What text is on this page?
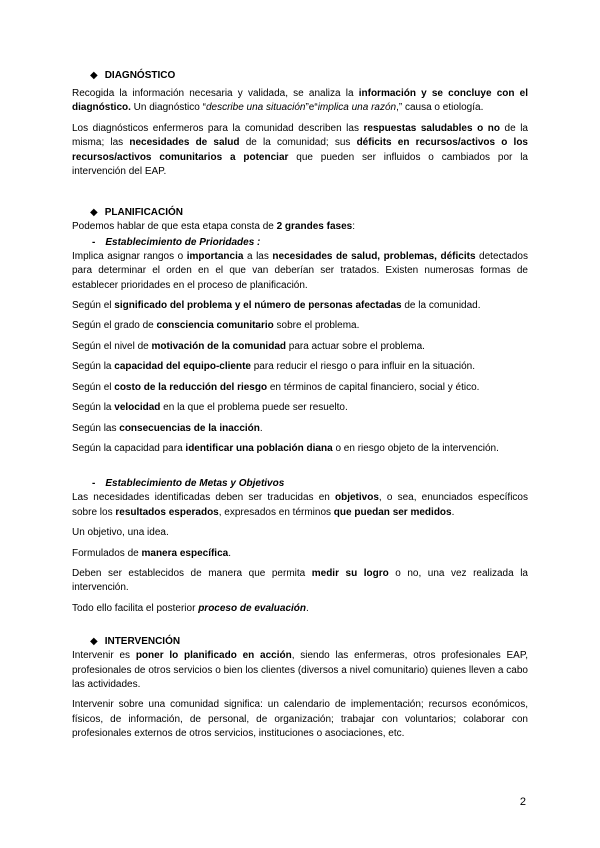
◆ DIAGNÓSTICO

Recogida la información necesaria y validada, se analiza la información y se concluye con el diagnóstico. Un diagnóstico “describe una situación”e“implica una razón,” causa o etiología.

Los diagnósticos enfermeros para la comunidad describen las respuestas saludables o no de la misma; las necesidades de salud de la comunidad; sus déficits en recursos/activos o los recursos/activos comunitarios a potenciar que pueden ser influidos o cambiados por la intervención del EAP.

◆ PLANIFICACIÓN

Podemos hablar de que esta etapa consta de 2 grandes fases:

- Establecimiento de Prioridades :

Implica asignar rangos o importancia a las necesidades de salud, problemas, déficits detectados para determinar el orden en el que van deberían ser tratados. Existen numerosas formas de establecer prioridades en el proceso de planificación.

Según el significado del problema y el número de personas afectadas de la comunidad.

Según el grado de consciencia comunitario sobre el problema.

Según el nivel de motivación de la comunidad para actuar sobre el problema.

Según la capacidad del equipo-cliente para reducir el riesgo o para influir en la situación.

Según el costo de la reducción del riesgo en términos de capital financiero, social y ético.

Según la velocidad en la que el problema puede ser resuelto.

Según las consecuencias de la inacción.

Según la capacidad para identificar una población diana o en riesgo objeto de la intervención.

- Establecimiento de Metas y Objetivos

Las necesidades identificadas deben ser traducidas en objetivos, o sea, enunciados específicos sobre los resultados esperados, expresados en términos que puedan ser medidos.

Un objetivo, una idea.

Formulados de manera específica.

Deben ser establecidos de manera que permita medir su logro o no, una vez realizada la intervención.

Todo ello facilita el posterior proceso de evaluación.

◆ INTERVENCIÓN

Intervenir es poner lo planificado en acción, siendo las enfermeras, otros profesionales EAP, profesionales de otros servicios o bien los clientes (diversos a nivel comunitario) quienes lleven a cabo las actividades.

Intervenir sobre una comunidad significa: un calendario de implementación; recursos económicos, físicos, de información, de personal, de organización; trabajar con voluntarios; colaborar con profesionales externos de otros servicios, instituciones o asociaciones, etc.

2
